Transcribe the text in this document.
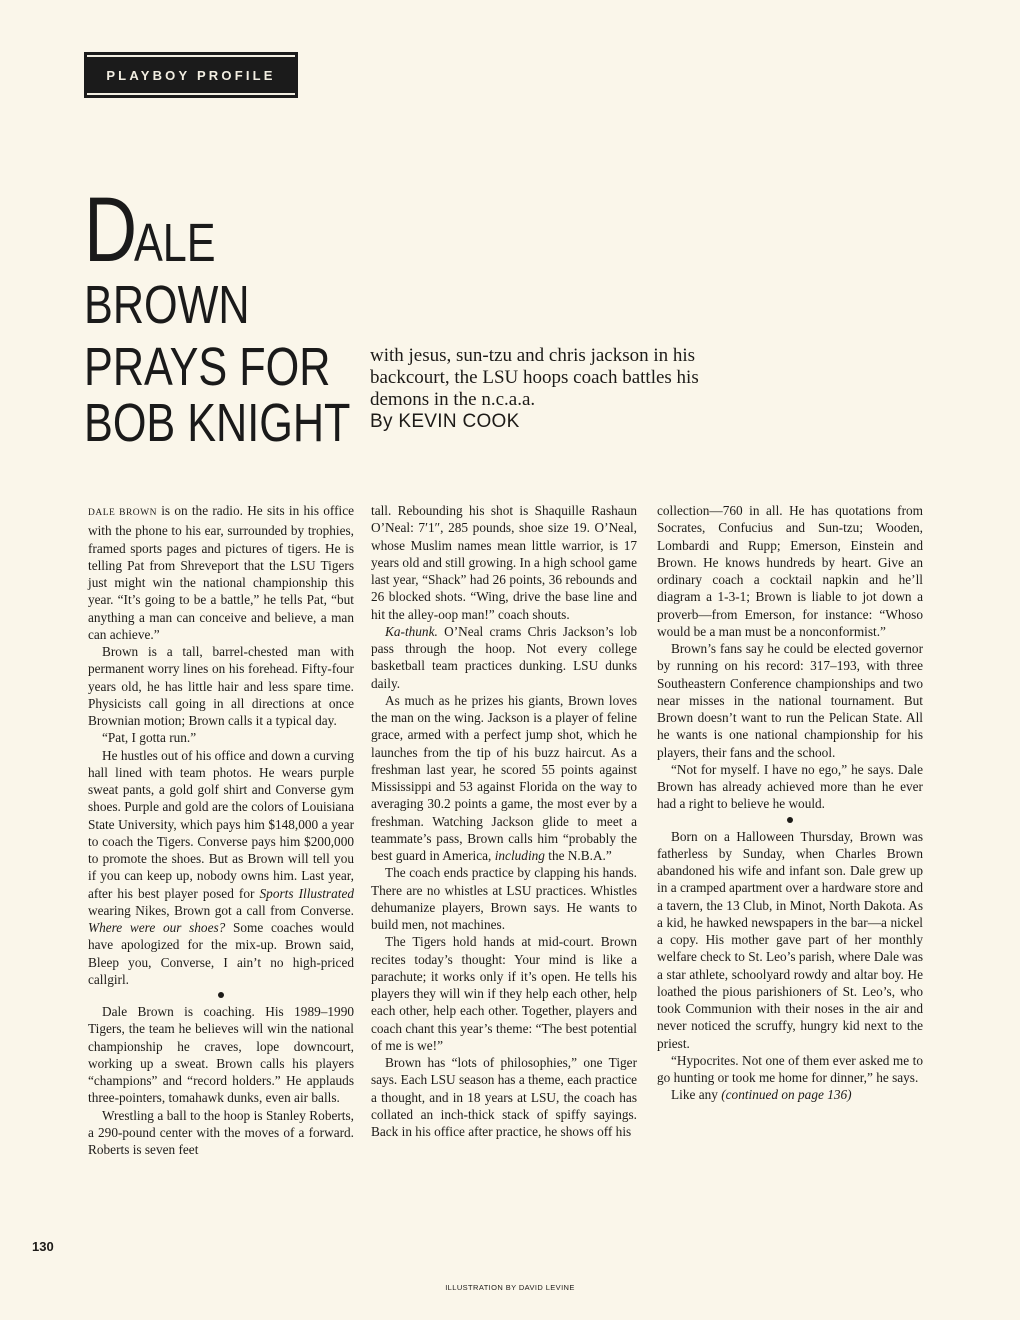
PLAYBOY PROFILE
DALE
BROWN
PRAYS FOR
BOB KNIGHT
with jesus, sun-tzu and chris jackson in his backcourt, the LSU hoops coach battles his demons in the n.c.a.a.
By KEVIN COOK

DALE BROWN is on the radio. He sits in his office with the phone to his ear, surrounded by trophies, framed sports pages and pictures of tigers. He is telling Pat from Shreveport that the LSU Tigers just might win the national championship this year. “It’s going to be a battle,” he tells Pat, “but anything a man can conceive and believe, a man can achieve.”

Brown is a tall, barrel-chested man with permanent worry lines on his forehead. Fifty-four years old, he has little hair and less spare time. Physicists call going in all directions at once Brownian motion; Brown calls it a typical day.

“Pat, I gotta run.”

He hustles out of his office and down a curving hall lined with team photos. He wears purple sweat pants, a gold golf shirt and Converse gym shoes. Purple and gold are the colors of Louisiana State University, which pays him $148,000 a year to coach the Tigers. Converse pays him $200,000 to promote the shoes. But as Brown will tell you if you can keep up, nobody owns him. Last year, after his best player posed for Sports Illustrated wearing Nikes, Brown got a call from Converse. Where were our shoes? Some coaches would have apologized for the mix-up. Brown said, Bleep you, Converse, I ain’t no high-priced callgirl.

Dale Brown is coaching. His 1989–1990 Tigers, the team he believes will win the national championship he craves, lope downcourt, working up a sweat. Brown calls his players “champions” and “record holders.” He applauds three-pointers, tomahawk dunks, even air balls.

Wrestling a ball to the hoop is Stanley Roberts, a 290-pound center with the moves of a forward. Roberts is seven feet

tall. Rebounding his shot is Shaquille Rashaun O’Neal: 7′1″, 285 pounds, shoe size 19. O’Neal, whose Muslim names mean little warrior, is 17 years old and still growing. In a high school game last year, “Shack” had 26 points, 36 rebounds and 26 blocked shots. “Wing, drive the base line and hit the alley-oop man!” coach shouts.

Ka-thunk. O’Neal crams Chris Jackson’s lob pass through the hoop. Not every college basketball team practices dunking. LSU dunks daily.

As much as he prizes his giants, Brown loves the man on the wing. Jackson is a player of feline grace, armed with a perfect jump shot, which he launches from the tip of his buzz haircut. As a freshman last year, he scored 55 points against Mississippi and 53 against Florida on the way to averaging 30.2 points a game, the most ever by a freshman. Watching Jackson glide to meet a teammate’s pass, Brown calls him “probably the best guard in America, including the N.B.A.”

The coach ends practice by clapping his hands. There are no whistles at LSU practices. Whistles dehumanize players, Brown says. He wants to build men, not machines.

The Tigers hold hands at mid-court. Brown recites today’s thought: Your mind is like a parachute; it works only if it’s open. He tells his players they will win if they help each other, help each other, help each other. Together, players and coach chant this year’s theme: “The best potential of me is we!”

Brown has “lots of philosophies,” one Tiger says. Each LSU season has a theme, each practice a thought, and in 18 years at LSU, the coach has collated an inch-thick stack of spiffy sayings. Back in his office after practice, he shows off his

collection—760 in all. He has quotations from Socrates, Confucius and Sun-tzu; Wooden, Lombardi and Rupp; Emerson, Einstein and Brown. He knows hundreds by heart. Give an ordinary coach a cocktail napkin and he’ll diagram a 1-3-1; Brown is liable to jot down a proverb—from Emerson, for instance: “Whoso would be a man must be a nonconformist.”

Brown’s fans say he could be elected governor by running on his record: 317–193, with three Southeastern Conference championships and two near misses in the national tournament. But Brown doesn’t want to run the Pelican State. All he wants is one national championship for his players, their fans and the school.

“Not for myself. I have no ego,” he says. Dale Brown has already achieved more than he ever had a right to believe he would.

Born on a Halloween Thursday, Brown was fatherless by Sunday, when Charles Brown abandoned his wife and infant son. Dale grew up in a cramped apartment over a hardware store and a tavern, the 13 Club, in Minot, North Dakota. As a kid, he hawked newspapers in the bar—a nickel a copy. His mother gave part of her monthly welfare check to St. Leo’s parish, where Dale was a star athlete, schoolyard rowdy and altar boy. He loathed the pious parishioners of St. Leo’s, who took Communion with their noses in the air and never noticed the scruffy, hungry kid next to the priest.

“Hypocrites. Not one of them ever asked me to go hunting or took me home for dinner,” he says.

Like any (continued on page 136)

130
ILLUSTRATION BY DAVID LEVINE
